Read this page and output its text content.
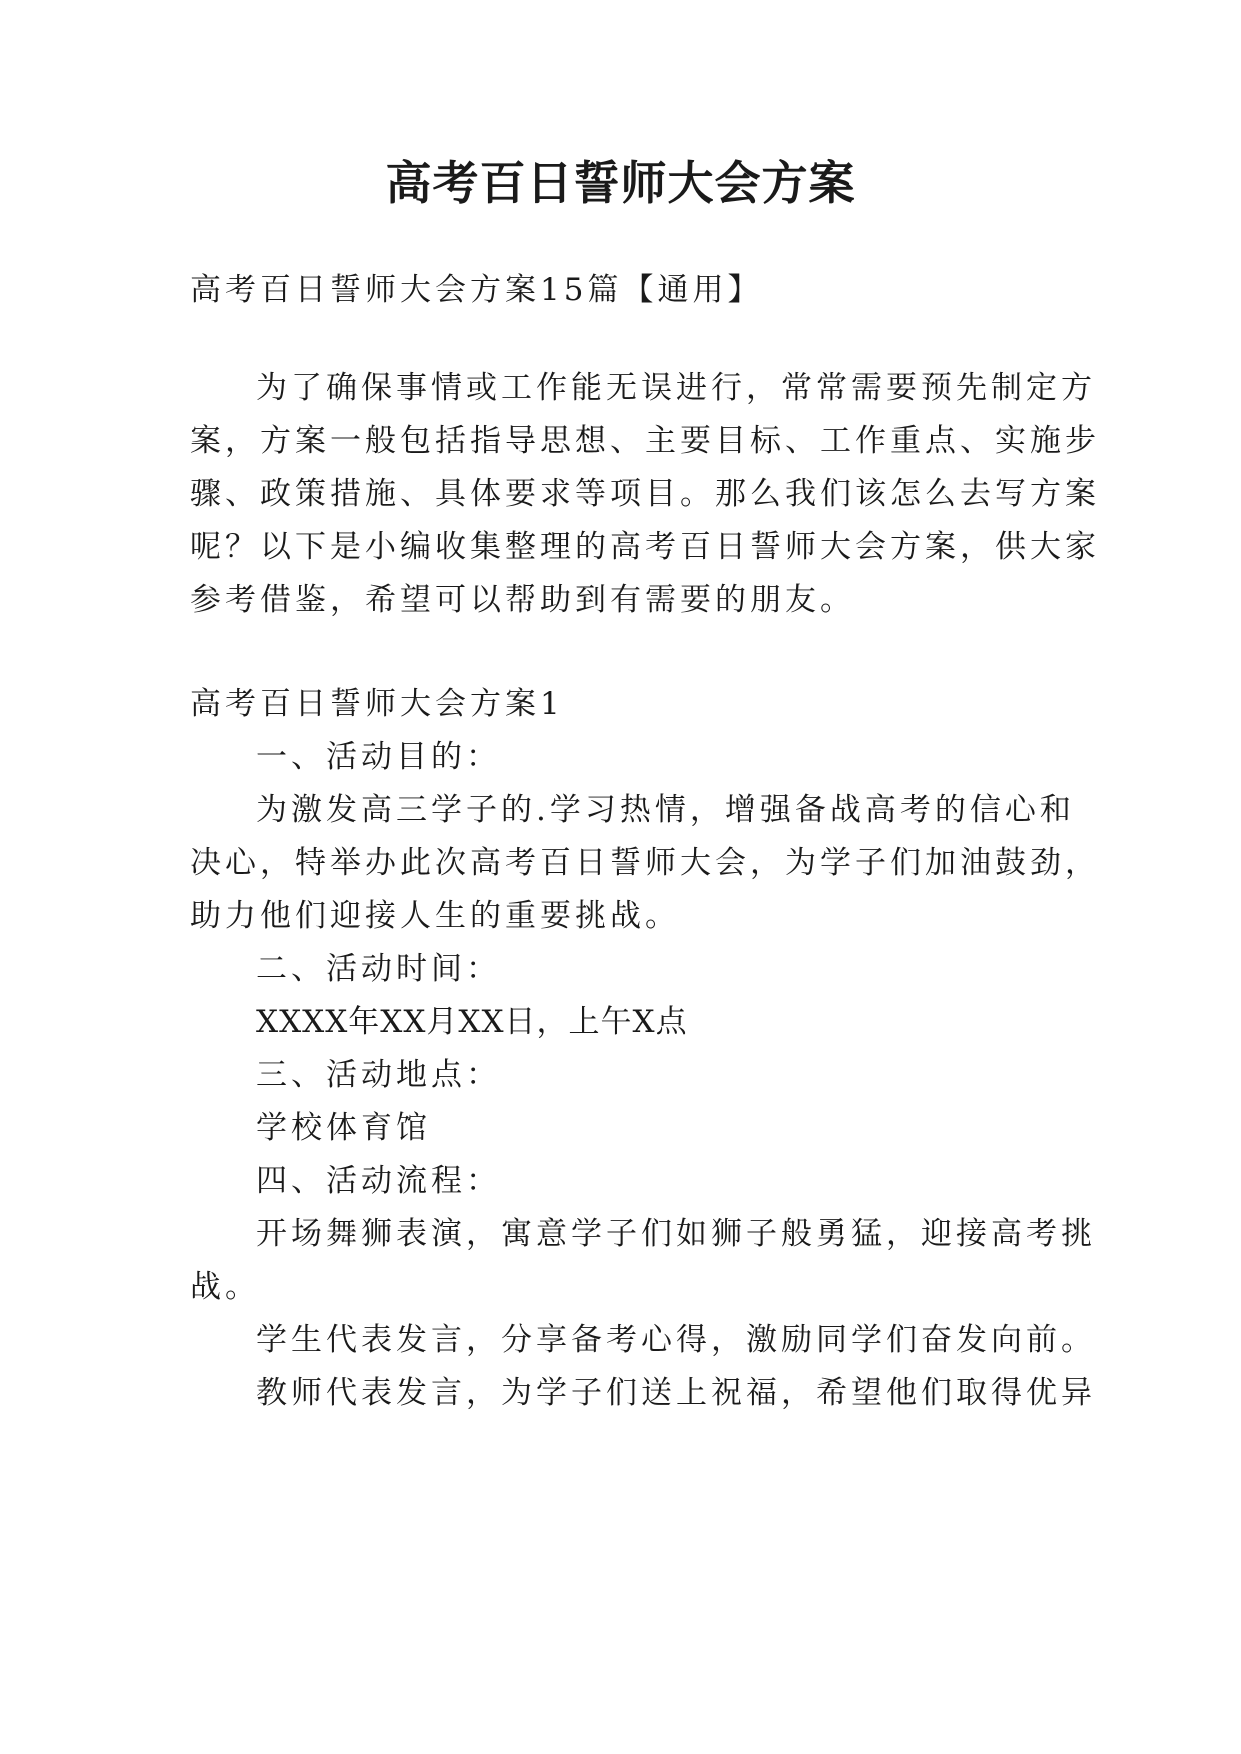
高考百日誓师大会方案
高考百日誓师大会方案15篇【通用】
为了确保事情或工作能无误进行，常常需要预先制定方
案，方案一般包括指导思想、主要目标、工作重点、实施步
骤、政策措施、具体要求等项目。那么我们该怎么去写方案
呢？以下是小编收集整理的高考百日誓师大会方案，供大家
参考借鉴，希望可以帮助到有需要的朋友。
高考百日誓师大会方案1
一、活动目的：
为激发高三学子的.学习热情，增强备战高考的信心和
决心，特举办此次高考百日誓师大会，为学子们加油鼓劲，
助力他们迎接人生的重要挑战。
二、活动时间：
XXXX年XX月XX日，上午X点
三、活动地点：
学校体育馆
四、活动流程：
开场舞狮表演，寓意学子们如狮子般勇猛，迎接高考挑
战。
学生代表发言，分享备考心得，激励同学们奋发向前。
教师代表发言，为学子们送上祝福，希望他们取得优异
